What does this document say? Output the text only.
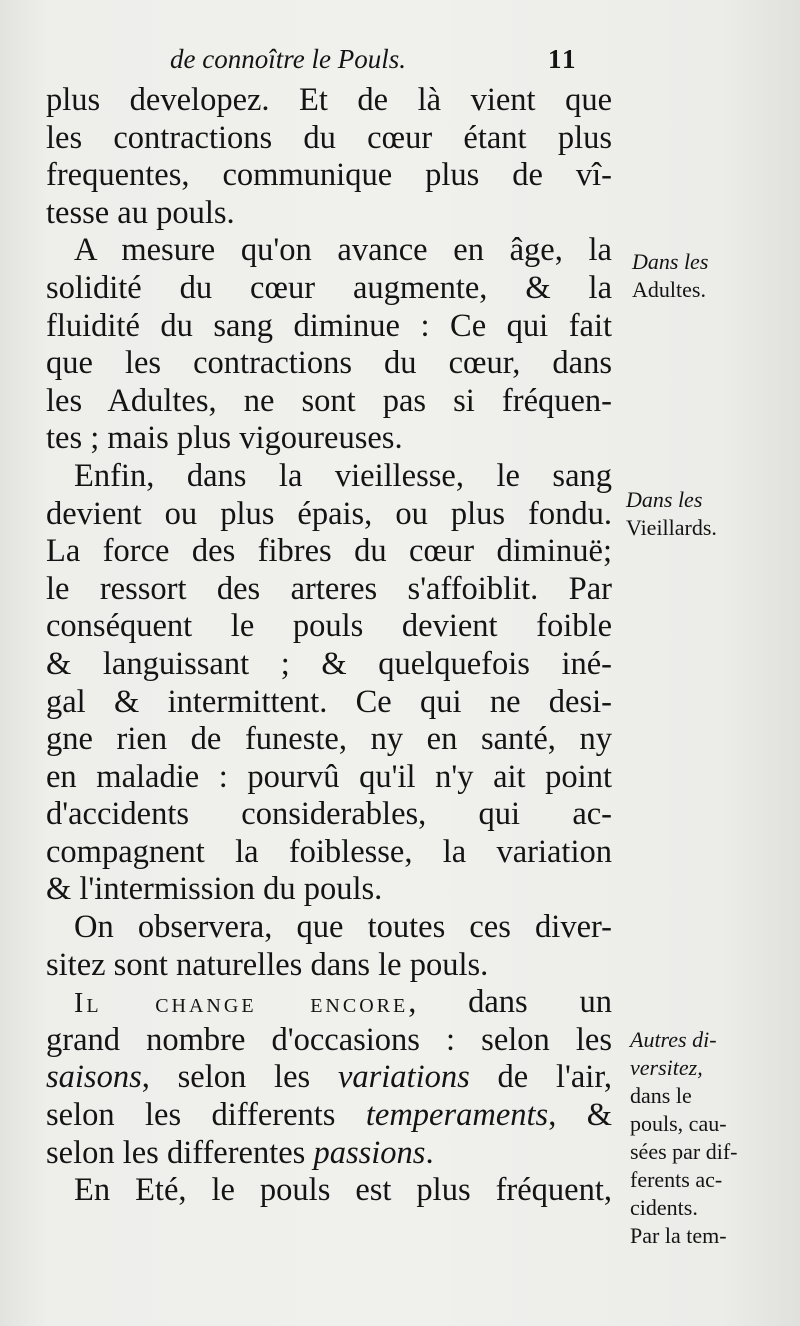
de connoître le Pouls.	11
plus developez. Et de là vient que
les contractions du cœur étant plus
frequentes, communique plus de vî-
tesse au pouls.
A mesure qu'on avance en âge, la
solidité du cœur augmente, & la
fluidité du sang diminue : Ce qui fait
que les contractions du cœur, dans
les Adultes, ne sont pas si fréquen-
tes ; mais plus vigoureuses.
Enfin, dans la vieillesse, le sang
devient ou plus épais, ou plus fondu.
La force des fibres du cœur diminuë;
le ressort des arteres s'affoiblit. Par
conséquent le pouls devient foible
& languissant ; & quelquefois iné-
gal & intermittent. Ce qui ne desi-
gne rien de funeste, ny en santé, ny
en maladie : pourvû qu'il n'y ait point
d'accidents considerables, qui ac-
compagnent la foiblesse, la variation
& l'intermission du pouls.
On observera, que toutes ces diver-
sitez sont naturelles dans le pouls.
Il change encore, dans un
grand nombre d'occasions : selon les
saisons, selon les variations de l'air,
selon les differents temperaments, &
selon les differentes passions.
En Eté, le pouls est plus fréquent,
Dans les
Adultes.
Dans les
Vieillards.
Autres di-
versitez,
dans le
pouls, cau-
sées par dif-
ferents ac-
cidents.
Par la tem-
